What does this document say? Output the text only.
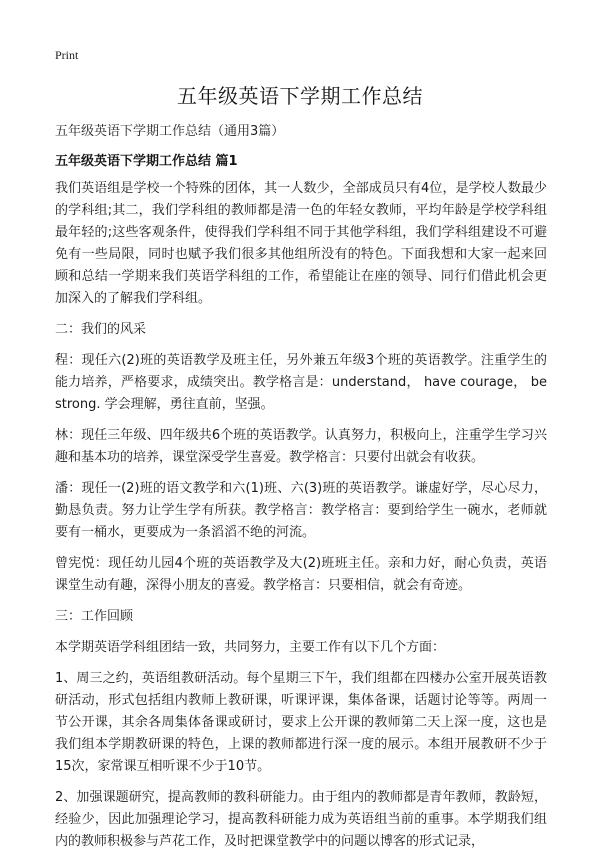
Print
五年级英语下学期工作总结
五年级英语下学期工作总结（通用3篇）
五年级英语下学期工作总结 篇1

我们英语组是学校一个特殊的团体，其一人数少，全部成员只有4位，是学校人数最少的学科组;其二，我们学科组的教师都是清一色的年轻女教师，平均年龄是学校学科组最年轻的;这些客观条件，使得我们学科组不同于其他学科组，我们学科组建设不可避免有一些局限，同时也赋予我们很多其他组所没有的特色。下面我想和大家一起来回顾和总结一学期来我们英语学科组的工作，希望能让在座的领导、同行们借此机会更加深入的了解我们学科组。

二：我们的风采

程：现任六(2)班的英语教学及班主任，另外兼五年级3个班的英语教学。注重学生的能力培养，严格要求，成绩突出。教学格言是：understand， have courage， be strong. 学会理解，勇往直前，坚强。

林：现任三年级、四年级共6个班的英语教学。认真努力，积极向上，注重学生学习兴趣和基本功的培养，课堂深受学生喜爱。教学格言：只要付出就会有收获。

潘：现任一(2)班的语文教学和六(1)班、六(3)班的英语教学。谦虚好学，尽心尽力，勤恳负责。努力让学生学有所获。教学格言：教学格言：要到给学生一碗水，老师就要有一桶水，更要成为一条滔滔不绝的河流。

曾宪悦：现任幼儿园4个班的英语教学及大(2)班班主任。亲和力好，耐心负责，英语课堂生动有趣，深得小朋友的喜爱。教学格言：只要相信，就会有奇迹。

三：工作回顾

本学期英语学科组团结一致，共同努力，主要工作有以下几个方面：

1、周三之约，英语组教研活动。每个星期三下午，我们组都在四楼办公室开展英语教研活动，形式包括组内教师上教研课，听课评课，集体备课，话题讨论等等。两周一节公开课，其余各周集体备课或研讨，要求上公开课的教师第二天上深一度，这也是我们组本学期教研课的特色，上课的教师都进行深一度的展示。本组开展教研不少于15次，家常课互相听课不少于10节。

2、加强课题研究，提高教师的教科研能力。由于组内的教师都是青年教师，教龄短，经验少，因此加强理论学习，提高教科研能力成为英语组当前的重事。本学期我们组内的教师积极参与芦花工作，及时把课堂教学中的问题以博客的形式记录，
